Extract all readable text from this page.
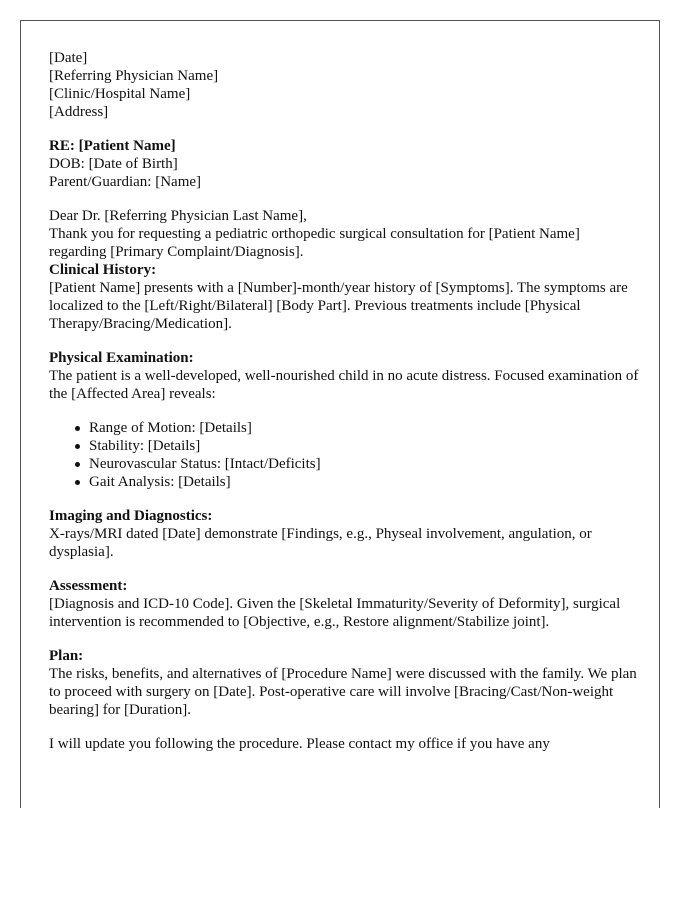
[Date]
[Referring Physician Name]
[Clinic/Hospital Name]
[Address]
RE: [Patient Name]
DOB: [Date of Birth]
Parent/Guardian: [Name]

Dear Dr. [Referring Physician Last Name],

Thank you for requesting a pediatric orthopedic surgical consultation for [Patient Name] regarding [Primary Complaint/Diagnosis].

Clinical History:

[Patient Name] presents with a [Number]-month/year history of [Symptoms]. The symptoms are localized to the [Left/Right/Bilateral] [Body Part]. Previous treatments include [Physical Therapy/Bracing/Medication].

Physical Examination:

The patient is a well-developed, well-nourished child in no acute distress. Focused examination of the [Affected Area] reveals:

Range of Motion: [Details]
Stability: [Details]
Neurovascular Status: [Intact/Deficits]
Gait Analysis: [Details]
Imaging and Diagnostics:

X-rays/MRI dated [Date] demonstrate [Findings, e.g., Physeal involvement, angulation, or dysplasia].

Assessment:

[Diagnosis and ICD-10 Code]. Given the [Skeletal Immaturity/Severity of Deformity], surgical intervention is recommended to [Objective, e.g., Restore alignment/Stabilize joint].

Plan:

The risks, benefits, and alternatives of [Procedure Name] were discussed with the family. We plan to proceed with surgery on [Date]. Post-operative care will involve [Bracing/Cast/Non-weight bearing] for [Duration].

I will update you following the procedure. Please contact my office if you have any
